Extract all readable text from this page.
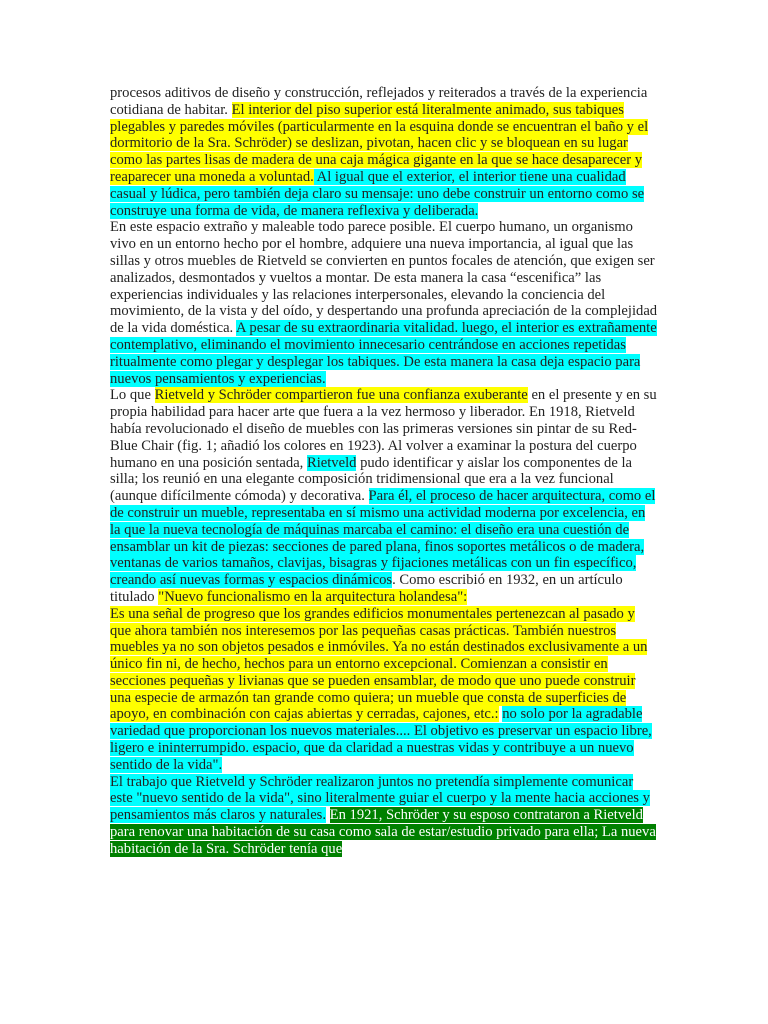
procesos aditivos de diseño y construcción, reflejados y reiterados a través de la experiencia cotidiana de habitar. El interior del piso superior está literalmente animado, sus tabiques plegables y paredes móviles (particularmente en la esquina donde se encuentran el baño y el dormitorio de la Sra. Schröder) se deslizan, pivotan, hacen clic y se bloquean en su lugar como las partes lisas de madera de una caja mágica gigante en la que se hace desaparecer y reaparecer una moneda a voluntad. Al igual que el exterior, el interior tiene una cualidad casual y lúdica, pero también deja claro su mensaje: uno debe construir un entorno como se construye una forma de vida, de manera reflexiva y deliberada.

En este espacio extraño y maleable todo parece posible. El cuerpo humano, un organismo vivo en un entorno hecho por el hombre, adquiere una nueva importancia, al igual que las sillas y otros muebles de Rietveld se convierten en puntos focales de atención, que exigen ser analizados, desmontados y vueltos a montar. De esta manera la casa “escenifica” las experiencias individuales y las relaciones interpersonales, elevando la conciencia del movimiento, de la vista y del oído, y despertando una profunda apreciación de la complejidad de la vida doméstica. A pesar de su extraordinaria vitalidad. luego, el interior es extrañamente contemplativo, eliminando el movimiento innecesario centrándose en acciones repetidas ritualmente como plegar y desplegar los tabiques. De esta manera la casa deja espacio para nuevos pensamientos y experiencias.

Lo que Rietveld y Schröder compartieron fue una confianza exuberante en el presente y en su propia habilidad para hacer arte que fuera a la vez hermoso y liberador. En 1918, Rietveld había revolucionado el diseño de muebles con las primeras versiones sin pintar de su Red-Blue Chair (fig. 1; añadió los colores en 1923). Al volver a examinar la postura del cuerpo humano en una posición sentada, Rietveld pudo identificar y aislar los componentes de la silla; los reunió en una elegante composición tridimensional que era a la vez funcional (aunque difícilmente cómoda) y decorativa. Para él, el proceso de hacer arquitectura, como el de construir un mueble, representaba en sí mismo una actividad moderna por excelencia, en la que la nueva tecnología de máquinas marcaba el camino: el diseño era una cuestión de ensamblar un kit de piezas: secciones de pared plana, finos soportes metálicos o de madera, ventanas de varios tamaños, clavijas, bisagras y fijaciones metálicas con un fin específico, creando así nuevas formas y espacios dinámicos. Como escribió en 1932, en un artículo titulado "Nuevo funcionalismo en la arquitectura holandesa":

Es una señal de progreso que los grandes edificios monumentales pertenezcan al pasado y que ahora también nos interesemos por las pequeñas casas prácticas. También nuestros muebles ya no son objetos pesados e inmóviles. Ya no están destinados exclusivamente a un único fin ni, de hecho, hechos para un entorno excepcional. Comienzan a consistir en secciones pequeñas y livianas que se pueden ensamblar, de modo que uno puede construir una especie de armazón tan grande como quiera; un mueble que consta de superficies de apoyo, en combinación con cajas abiertas y cerradas, cajones, etc.: no solo por la agradable variedad que proporcionan los nuevos materiales.... El objetivo es preservar un espacio libre, ligero e ininterrumpido. espacio, que da claridad a nuestras vidas y contribuye a un nuevo sentido de la vida".

El trabajo que Rietveld y Schröder realizaron juntos no pretendía simplemente comunicar este "nuevo sentido de la vida", sino literalmente guiar el cuerpo y la mente hacia acciones y pensamientos más claros y naturales. En 1921, Schröder y su esposo contrataron a Rietveld para renovar una habitación de su casa como sala de estar/estudio privado para ella; La nueva habitación de la Sra. Schröder tenía que
